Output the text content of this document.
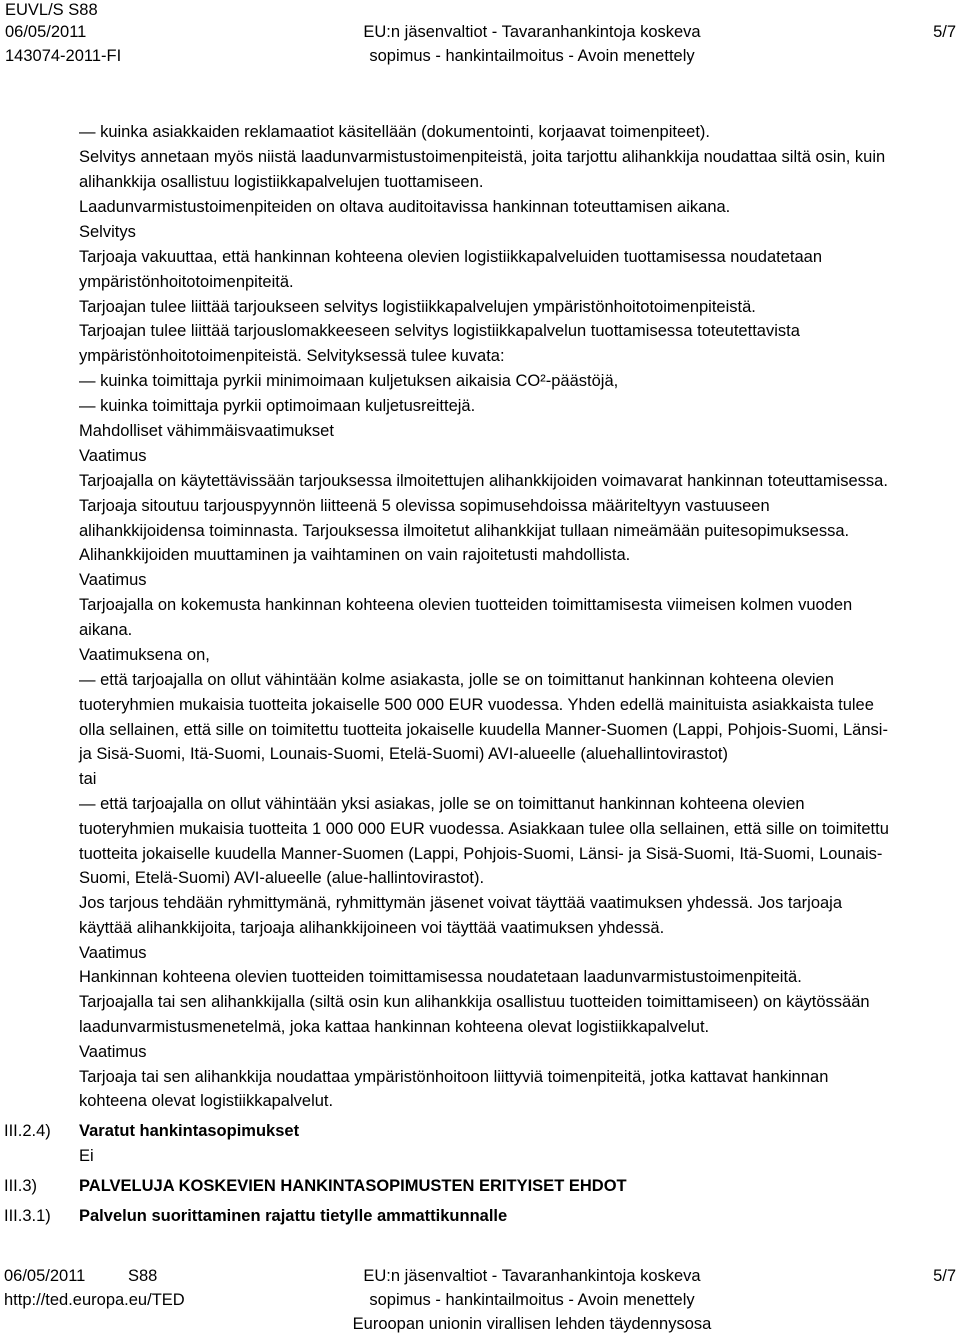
EUVL/S S88
06/05/2011
143074-2011-FI
EU:n jäsenvaltiot - Tavaranhankintoja koskeva
sopimus - hankintailmoitus - Avoin menettely
5/7
— kuinka asiakkaiden reklamaatiot käsitellään (dokumentointi, korjaavat toimenpiteet).
Selvitys annetaan myös niistä laadunvarmistustoimenpiteistä, joita tarjottu alihankkija noudattaa siltä osin, kuin
alihankkija osallistuu logistiikkapalvelujen tuottamiseen.
Laadunvarmistustoimenpiteiden on oltava auditoitavissa hankinnan toteuttamisen aikana.
Selvitys
Tarjoaja vakuuttaa, että hankinnan kohteena olevien logistiikkapalveluiden tuottamisessa noudatetaan
ympäristönhoitotoimenpiteitä.
Tarjoajan tulee liittää tarjoukseen selvitys logistiikkapalvelujen ympäristönhoitotoimenpiteistä.
Tarjoajan tulee liittää tarjouslomakkeeseen selvitys logistiikkapalvelun tuottamisessa toteutettavista
ympäristönhoitotoimenpiteistä. Selvityksessä tulee kuvata:
— kuinka toimittaja pyrkii minimoimaan kuljetuksen aikaisia CO²-päästöjä,
— kuinka toimittaja pyrkii optimoimaan kuljetusreittejä.
Mahdolliset vähimmäisvaatimukset
Vaatimus
Tarjoajalla on käytettävissään tarjouksessa ilmoitettujen alihankkijoiden voimavarat hankinnan toteuttamisessa.
Tarjoaja sitoutuu tarjouspyynnön liitteenä 5 olevissa sopimusehdoissa määriteltyyn vastuuseen
alihankkijoidensa toiminnasta. Tarjouksessa ilmoitetut alihankkijat tullaan nimeämään puitesopimuksessa.
Alihankkijoiden muuttaminen ja vaihtaminen on vain rajoitetusti mahdollista.
Vaatimus
Tarjoajalla on kokemusta hankinnan kohteena olevien tuotteiden toimittamisesta viimeisen kolmen vuoden
aikana.
Vaatimuksena on,
— että tarjoajalla on ollut vähintään kolme asiakasta, jolle se on toimittanut hankinnan kohteena olevien
tuoteryhmien mukaisia tuotteita jokaiselle 500 000 EUR vuodessa. Yhden edellä mainituista asiakkaista tulee
olla sellainen, että sille on toimitettu tuotteita jokaiselle kuudella Manner-Suomen (Lappi, Pohjois-Suomi, Länsi-
ja Sisä-Suomi, Itä-Suomi, Lounais-Suomi, Etelä-Suomi) AVI-alueelle (aluehallintovirastot)
tai
— että tarjoajalla on ollut vähintään yksi asiakas, jolle se on toimittanut hankinnan kohteena olevien
tuoteryhmien mukaisia tuotteita 1 000 000 EUR vuodessa. Asiakkaan tulee olla sellainen, että sille on toimitettu
tuotteita jokaiselle kuudella Manner-Suomen (Lappi, Pohjois-Suomi, Länsi- ja Sisä-Suomi, Itä-Suomi, Lounais-
Suomi, Etelä-Suomi) AVI-alueelle (alue-hallintovirastot).
Jos tarjous tehdään ryhmittymänä, ryhmittymän jäsenet voivat täyttää vaatimuksen yhdessä. Jos tarjoaja
käyttää alihankkijoita, tarjoaja alihankkijoineen voi täyttää vaatimuksen yhdessä.
Vaatimus
Hankinnan kohteena olevien tuotteiden toimittamisessa noudatetaan laadunvarmistustoimenpiteitä.
Tarjoajalla tai sen alihankkijalla (siltä osin kun alihankkija osallistuu tuotteiden toimittamiseen) on käytössään
laadunvarmistusmenetelmä, joka kattaa hankinnan kohteena olevat logistiikkapalvelut.
Vaatimus
Tarjoaja tai sen alihankkija noudattaa ympäristönhoitoon liittyviä toimenpiteitä, jotka kattavat hankinnan
kohteena olevat logistiikkapalvelut.
III.2.4) Varatut hankintasopimukset
Ei
III.3)	PALVELUJA KOSKEVIEN HANKINTASOPIMUSTEN ERITYISET EHDOT
III.3.1) Palvelun suorittaminen rajattu tietylle ammattikunnalle
06/05/2011	S88
http://ted.europa.eu/TED
EU:n jäsenvaltiot - Tavaranhankintoja koskeva
sopimus - hankintailmoitus - Avoin menettely
Euroopan unionin virallisen lehden täydennysosa
5/7
